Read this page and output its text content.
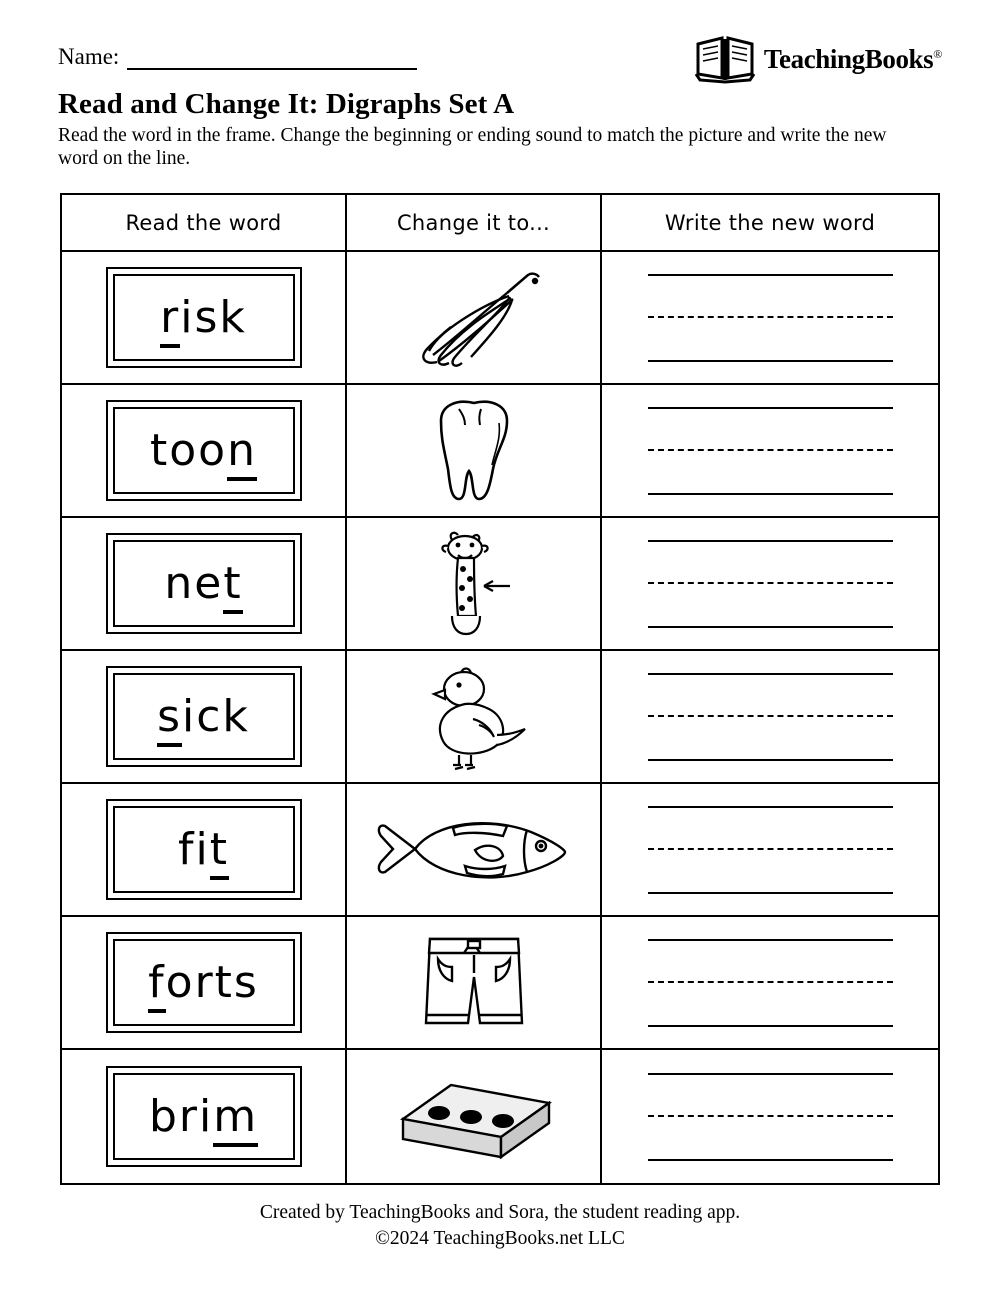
Name:	TeachingBooks®
Read and Change It: Digraphs Set A
Read the word in the frame. Change the beginning or ending sound to match the picture and write the new word on the line.
Read the word	Change it to...	Write the new word
risk
toon
net
sick
fit
forts
brim
Created by TeachingBooks and Sora, the student reading app.
©2024 TeachingBooks.net LLC
